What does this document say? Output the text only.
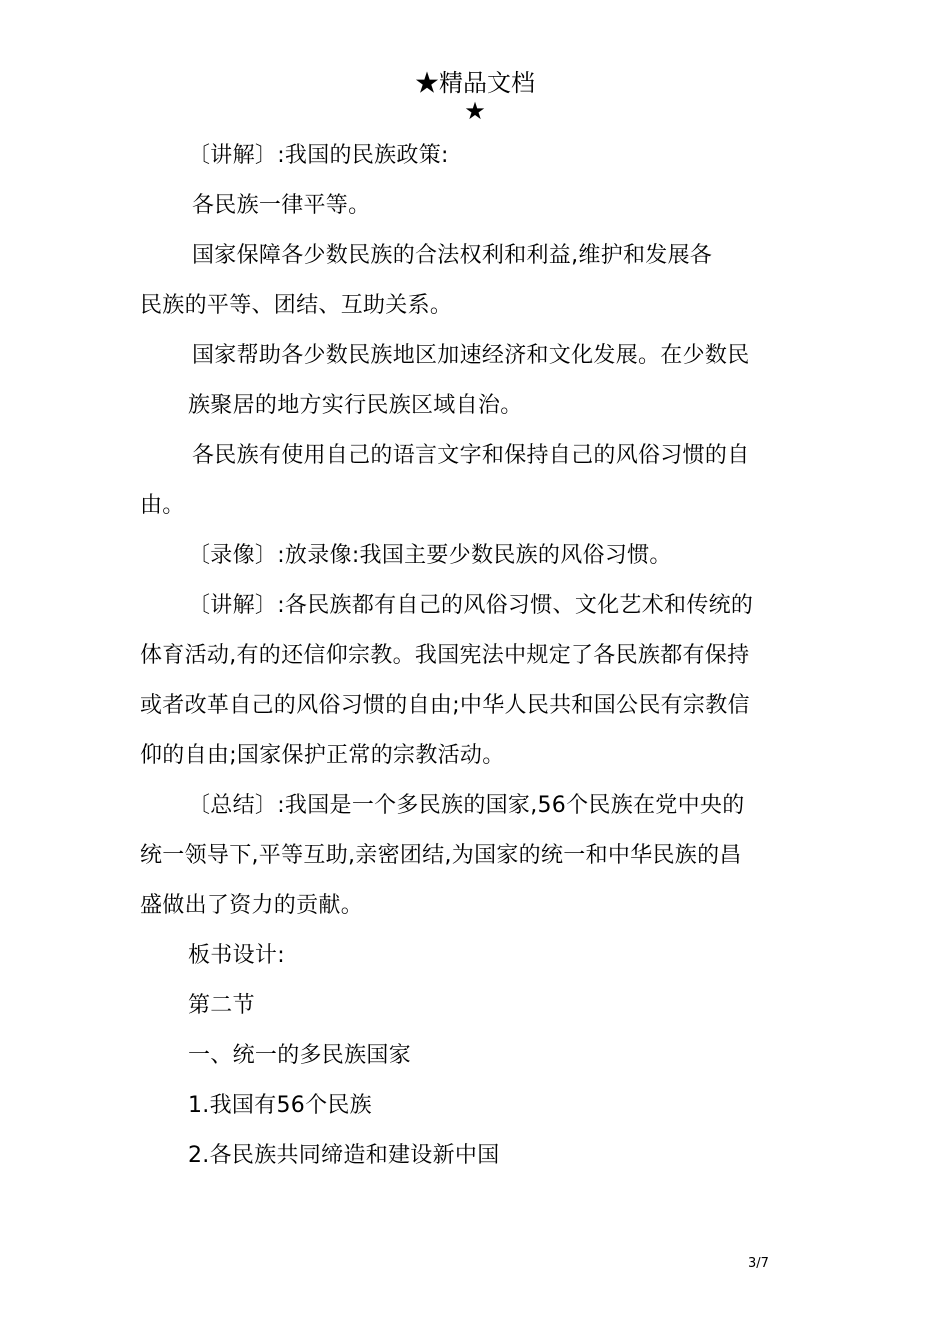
★精品文档
★
〔讲解〕:我国的民族政策:
各民族一律平等。
国家保障各少数民族的合法权利和利益,维护和发展各
民族的平等、团结、互助关系。
国家帮助各少数民族地区加速经济和文化发展。在少数民
族聚居的地方实行民族区域自治。
各民族有使用自己的语言文字和保持自己的风俗习惯的自
由。
〔录像〕:放录像:我国主要少数民族的风俗习惯。
〔讲解〕:各民族都有自己的风俗习惯、文化艺术和传统的
体育活动,有的还信仰宗教。我国宪法中规定了各民族都有保持
或者改革自己的风俗习惯的自由;中华人民共和国公民有宗教信
仰的自由;国家保护正常的宗教活动。
〔总结〕:我国是一个多民族的国家,56个民族在党中央的
统一领导下,平等互助,亲密团结,为国家的统一和中华民族的昌
盛做出了资力的贡献。
板书设计:
第二节
一、统一的多民族国家
1.我国有56个民族
2.各民族共同缔造和建设新中国
3/7
